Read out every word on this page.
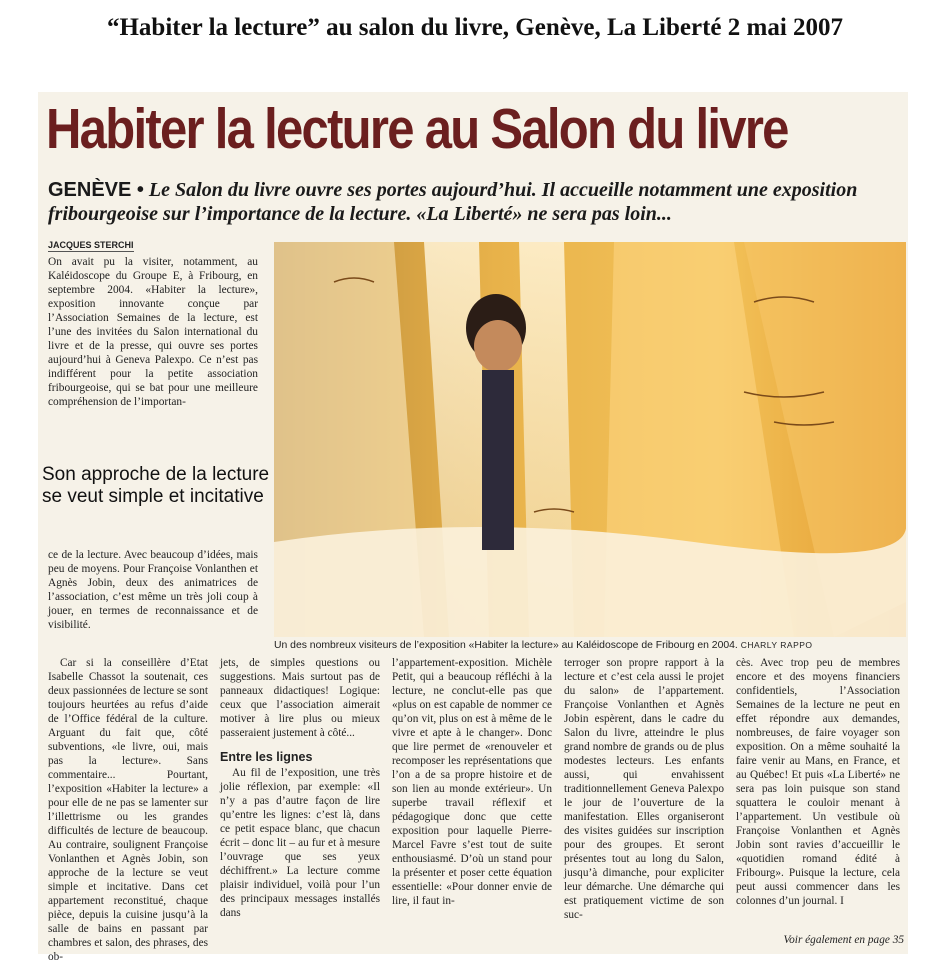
“Habiter la lecture” au salon du livre, Genève, La Liberté 2 mai 2007
Habiter la lecture au Salon du livre
GENÈVE • Le Salon du livre ouvre ses portes aujourd’hui. Il accueille notamment une exposition fribourgeoise sur l’importance de la lecture. «La Liberté» ne sera pas loin...
JACQUES STERCHI
On avait pu la visiter, notamment, au Kaléidoscope du Groupe E, à Fribourg, en septembre 2004. «Habiter la lecture», exposition innovante conçue par l’Association Semaines de la lecture, est l’une des invitées du Salon international du livre et de la presse, qui ouvre ses portes aujourd’hui à Geneva Palexpo. Ce n’est pas indifférent pour la petite association fribourgeoise, qui se bat pour une meilleure compréhension de l’importan-
Son approche de la lecture se veut simple et incitative
ce de la lecture. Avec beaucoup d’idées, mais peu de moyens. Pour Françoise Vonlanthen et Agnès Jobin, deux des animatrices de l’association, c’est même un très joli coup à jouer, en termes de reconnaissance et de visibilité.
Un des nombreux visiteurs de l’exposition «Habiter la lecture» au Kaléidoscope de Fribourg en 2004. CHARLY RAPPO

Car si la conseillère d’Etat Isabelle Chassot la soutenait, ces deux passionnées de lecture se sont toujours heurtées au refus d’aide de l’Office fédéral de la culture. Arguant du fait que, côté subventions, «le livre, oui, mais pas la lecture». Sans commentaire... Pourtant, l’exposition «Habiter la lecture» a pour elle de ne pas se lamenter sur l’illettrisme ou les grandes difficultés de lecture de beaucoup. Au contraire, soulignent Françoise Vonlanthen et Agnès Jobin, son approche de la lecture se veut simple et incitative. Dans cet appartement reconstitué, chaque pièce, depuis la cuisine jusqu’à la salle de bains en passant par chambres et salon, des phrases, des ob-

jets, de simples questions ou suggestions. Mais surtout pas de panneaux didactiques! Logique: ceux que l’association aimerait motiver à lire plus ou mieux passeraient justement à côté...

Entre les lignes

Au fil de l’exposition, une très jolie réflexion, par exemple: «Il n’y a pas d’autre façon de lire qu’entre les lignes: c’est là, dans ce petit espace blanc, que chacun écrit – donc lit – au fur et à mesure l’ouvrage que ses yeux déchiffrent.» La lecture comme plaisir individuel, voilà pour l’un des principaux messages installés dans

l’appartement-exposition. Michèle Petit, qui a beaucoup réfléchi à la lecture, ne conclut-elle pas que «plus on est capable de nommer ce qu’on vit, plus on est à même de le vivre et apte à le changer». Donc que lire permet de «renouveler et recomposer les représentations que l’on a de sa propre histoire et de son lien au monde extérieur». Un superbe travail réflexif et pédagogique donc que cette exposition pour laquelle Pierre-Marcel Favre s’est tout de suite enthousiasmé. D’où un stand pour la présenter et poser cette équation essentielle: «Pour donner envie de lire, il faut in-

terroger son propre rapport à la lecture et c’est cela aussi le projet du salon» de l’appartement. Françoise Vonlanthen et Agnès Jobin espèrent, dans le cadre du Salon du livre, atteindre le plus grand nombre de grands ou de plus modestes lecteurs. Les enfants aussi, qui envahissent traditionnellement Geneva Palexpo le jour de l’ouverture de la manifestation. Elles organiseront des visites guidées sur inscription pour des groupes. Et seront présentes tout au long du Salon, jusqu’à dimanche, pour expliciter leur démarche. Une démarche qui est pratiquement victime de son suc-

cès. Avec trop peu de membres encore et des moyens financiers confidentiels, l’Association Semaines de la lecture ne peut en effet répondre aux demandes, nombreuses, de faire voyager son exposition. On a même souhaité la faire venir au Mans, en France, et au Québec! Et puis «La Liberté» ne sera pas loin puisque son stand squattera le couloir menant à l’appartement. Un vestibule où Françoise Vonlanthen et Agnès Jobin sont ravies d’accueillir le «quotidien romand édité à Fribourg». Puisque la lecture, cela peut aussi commencer dans les colonnes d’un journal. I

Voir également en page 35
